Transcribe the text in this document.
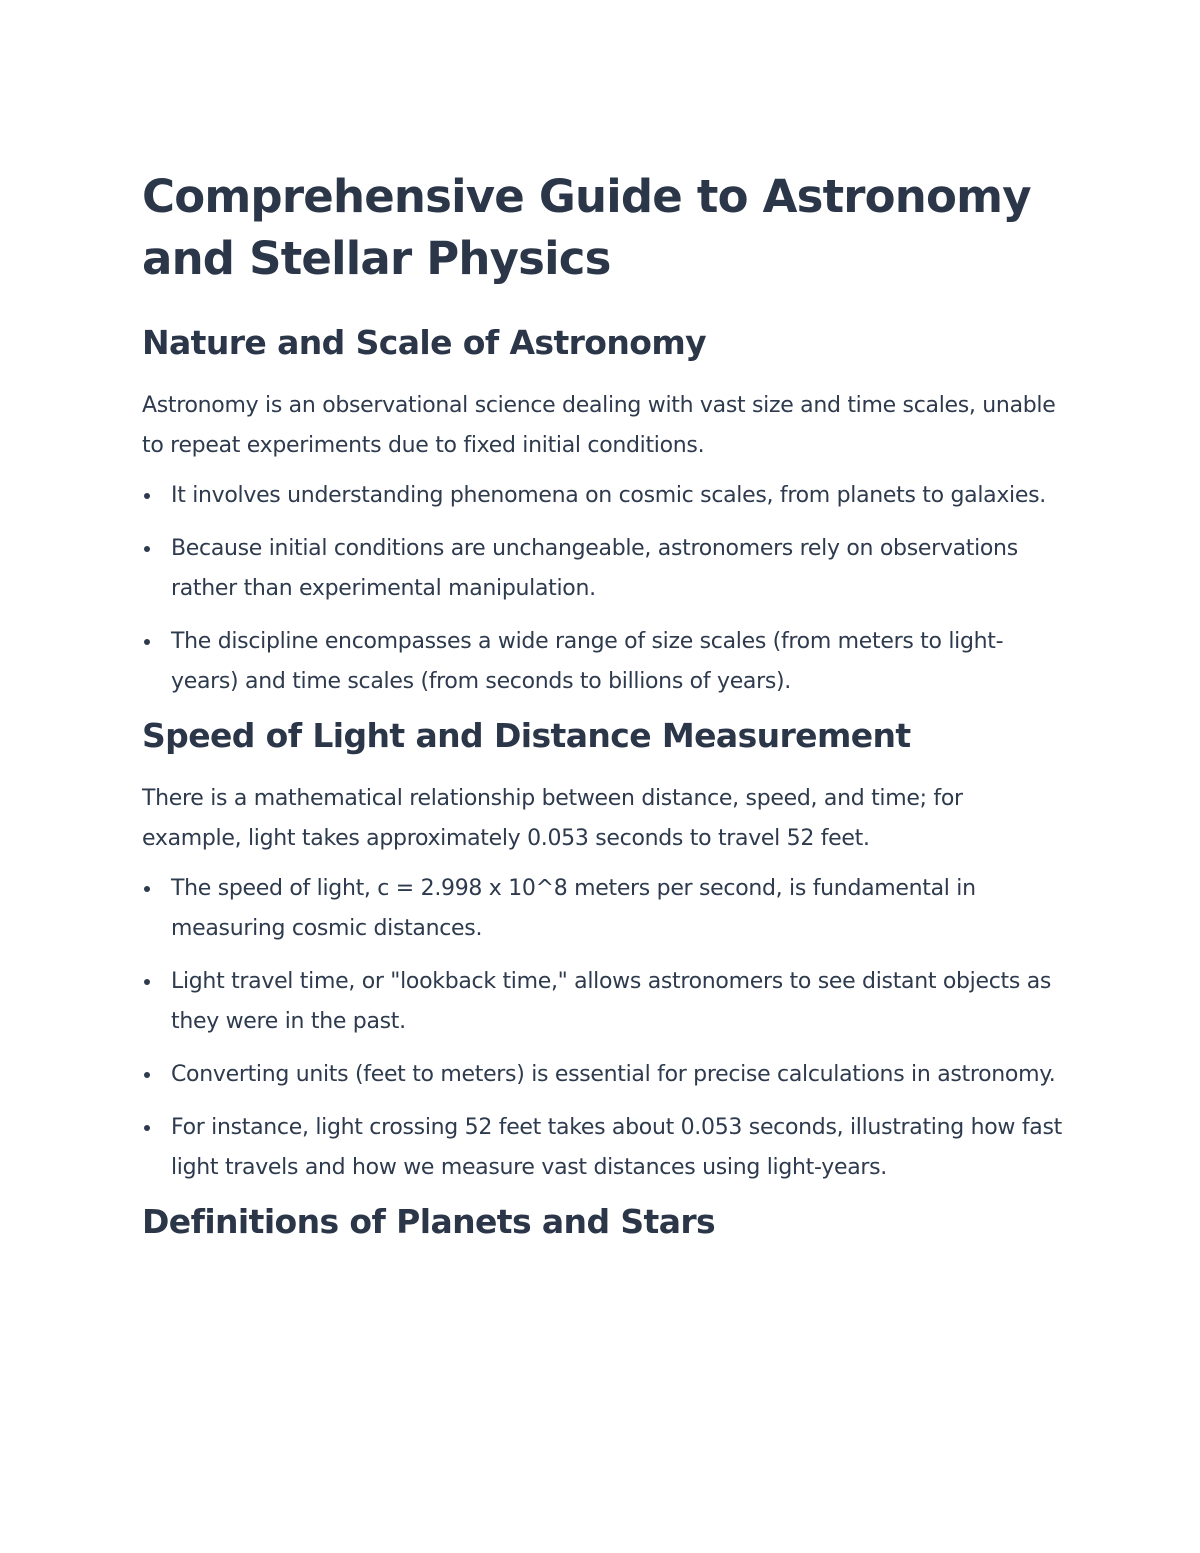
Comprehensive Guide to Astronomy and Stellar Physics
Nature and Scale of Astronomy

Astronomy is an observational science dealing with vast size and time scales, unable to repeat experiments due to fixed initial conditions.

It involves understanding phenomena on cosmic scales, from planets to galaxies.
Because initial conditions are unchangeable, astronomers rely on observations rather than experimental manipulation.
The discipline encompasses a wide range of size scales (from meters to light-years) and time scales (from seconds to billions of years).
Speed of Light and Distance Measurement

There is a mathematical relationship between distance, speed, and time; for example, light takes approximately 0.053 seconds to travel 52 feet.

The speed of light, c = 2.998 x 10^8 meters per second, is fundamental in measuring cosmic distances.
Light travel time, or "lookback time," allows astronomers to see distant objects as they were in the past.
Converting units (feet to meters) is essential for precise calculations in astronomy.
For instance, light crossing 52 feet takes about 0.053 seconds, illustrating how fast light travels and how we measure vast distances using light-years.
Definitions of Planets and Stars
